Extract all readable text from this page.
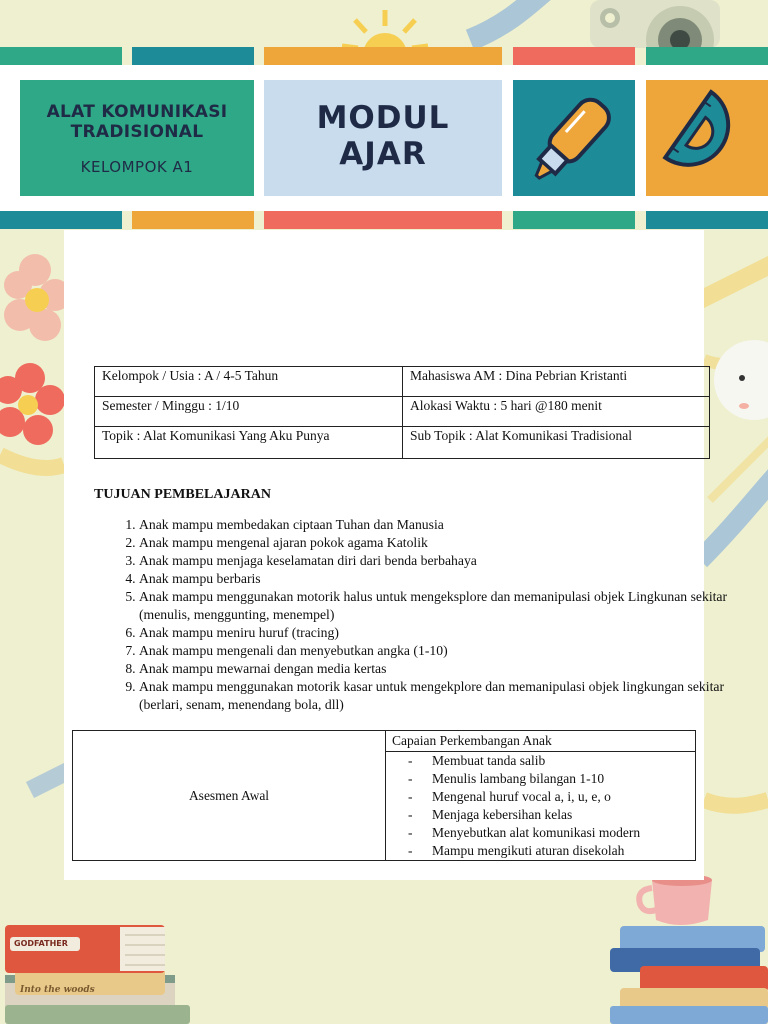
GODFATHER
Into the woods
ALAT KOMUNIKASI
TRADISIONAL
KELOMPOK A1
MODUL
AJAR
Kelompok / Usia : A / 4-5 Tahun	Mahasiswa AM : Dina Pebrian Kristanti
Semester / Minggu : 1/10	Alokasi Waktu : 5 hari @180 menit
Topik : Alat Komunikasi Yang Aku Punya	Sub Topik : Alat Komunikasi Tradisional
TUJUAN PEMBELAJARAN
1. Anak mampu membedakan ciptaan Tuhan dan Manusia
2. Anak mampu mengenal ajaran pokok agama Katolik
3. Anak mampu menjaga keselamatan diri dari benda berbahaya
4. Anak mampu berbaris
5. Anak mampu menggunakan motorik halus untuk mengeksplore dan memanipulasi objek Lingkunan sekitar (menulis, menggunting, menempel)
6. Anak mampu meniru huruf (tracing)
7. Anak mampu mengenali dan menyebutkan angka (1-10)
8. Anak mampu mewarnai dengan media kertas
9. Anak mampu menggunakan motorik kasar untuk mengekplore dan memanipulasi objek lingkungan sekitar (berlari, senam, menendang bola, dll)
Asesmen Awal	Capaian Perkembangan Anak

- Membuat tanda salib
- Menulis lambang bilangan 1-10
- Mengenal huruf vocal a, i, u, e, o
- Menjaga kebersihan kelas
- Menyebutkan alat komunikasi modern
- Mampu mengikuti aturan disekolah
